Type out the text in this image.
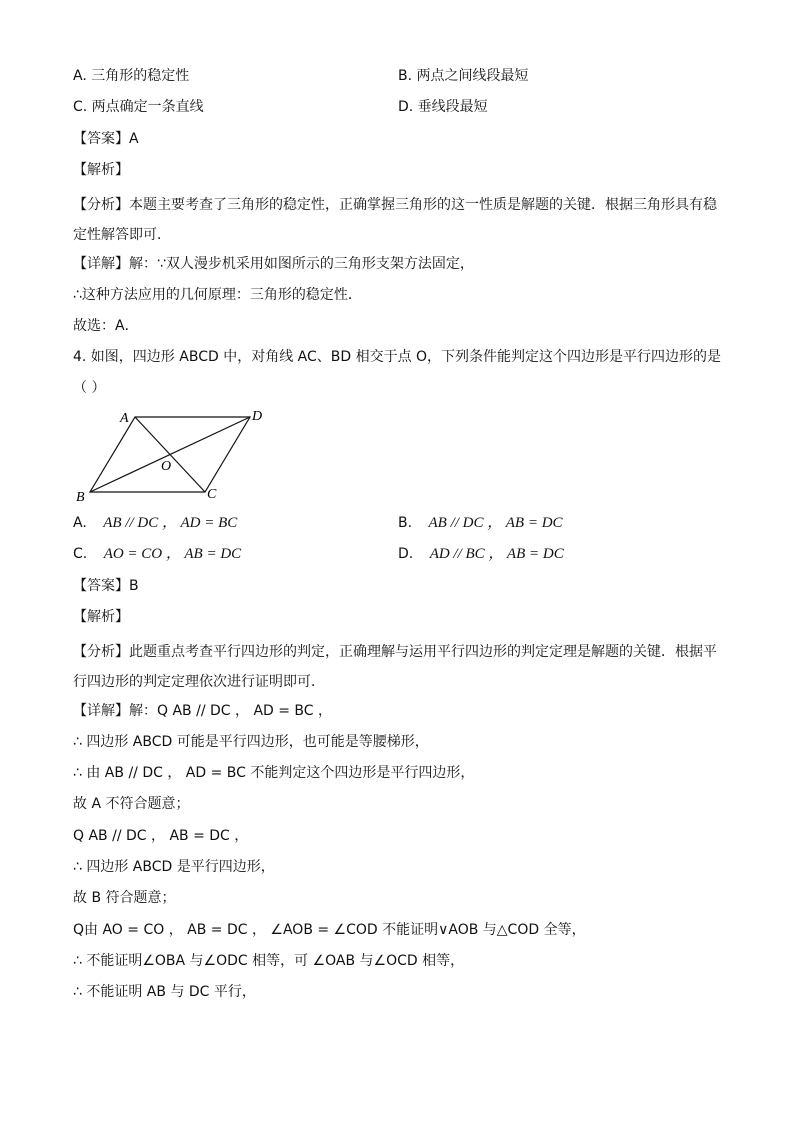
A. 三角形的稳定性	B. 两点之间线段最短
C. 两点确定一条直线	D. 垂线段最短
【答案】A
【解析】
【分析】本题主要考查了三角形的稳定性，正确掌握三角形的这一性质是解题的关键．根据三角形具有稳定性解答即可．
【详解】解：∵双人漫步机采用如图所示的三角形支架方法固定，
∴这种方法应用的几何原理：三角形的稳定性．
故选：A．
4. 如图，四边形 ABCD 中，对角线 AC、BD 相交于点 O，下列条件能判定这个四边形是平行四边形的是
（ ）
A	D
B	C
O
A. AB // DC ， AD = BC	B. AB // DC ， AB = DC
C. AO = CO ， AB = DC	D. AD // BC ， AB = DC
【答案】B
【解析】
【分析】此题重点考查平行四边形的判定，正确理解与运用平行四边形的判定定理是解题的关键．根据平行四边形的判定定理依次进行证明即可．
【详解】解：Q AB // DC ， AD = BC ，
∴ 四边形 ABCD 可能是平行四边形，也可能是等腰梯形，
∴ 由 AB // DC ， AD = BC 不能判定这个四边形是平行四边形，
故 A 不符合题意；
Q AB // DC ， AB = DC ，
∴ 四边形 ABCD 是平行四边形，
故 B 符合题意；
Q由 AO = CO ， AB = DC ， ∠AOB = ∠COD 不能证明∨AOB 与△COD 全等，
∴ 不能证明∠OBA 与∠ODC 相等，可 ∠OAB 与∠OCD 相等，
∴ 不能证明 AB 与 DC 平行，
